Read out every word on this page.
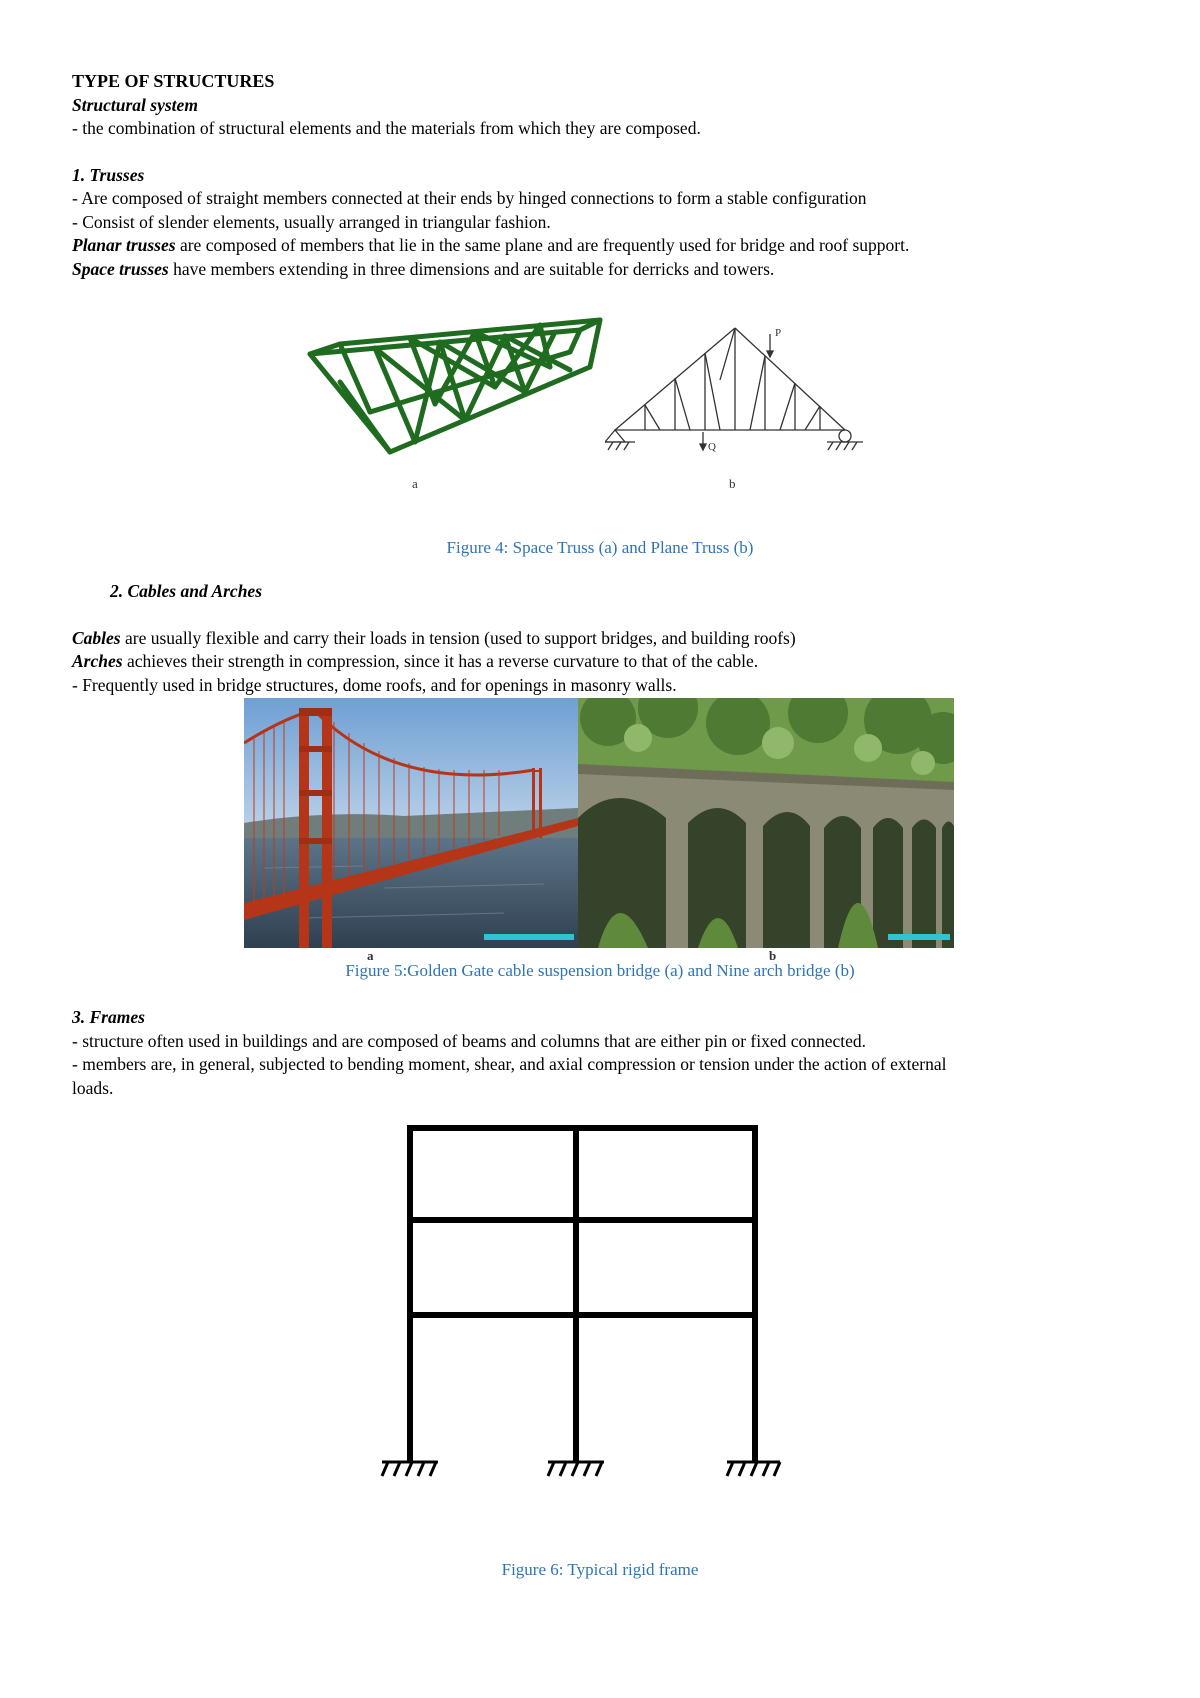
TYPE OF STRUCTURES
Structural system
- the combination of structural elements and the materials from which they are composed.
1. Trusses
- Are composed of straight members connected at their ends by hinged connections to form a stable configuration
- Consist of slender elements, usually arranged in triangular fashion.
Planar trusses are composed of members that lie in the same plane and are frequently used for bridge and roof support.
Space trusses have members extending in three dimensions and are suitable for derricks and towers.
a
P
Q
b
Figure 4: Space Truss (a) and Plane Truss (b)
2. Cables and Arches
Cables are usually flexible and carry their loads in tension (used to support bridges, and building roofs)
Arches achieves their strength in compression, since it has a reverse curvature to that of the cable.
- Frequently used in bridge structures, dome roofs, and for openings in masonry walls.
a	b
Figure 5:Golden Gate cable suspension bridge (a) and Nine arch bridge (b)
3. Frames
- structure often used in buildings and are composed of beams and columns that are either pin or fixed connected.
- members are, in general, subjected to bending moment, shear, and axial compression or tension under the action of external
loads.
Figure 6: Typical rigid frame
